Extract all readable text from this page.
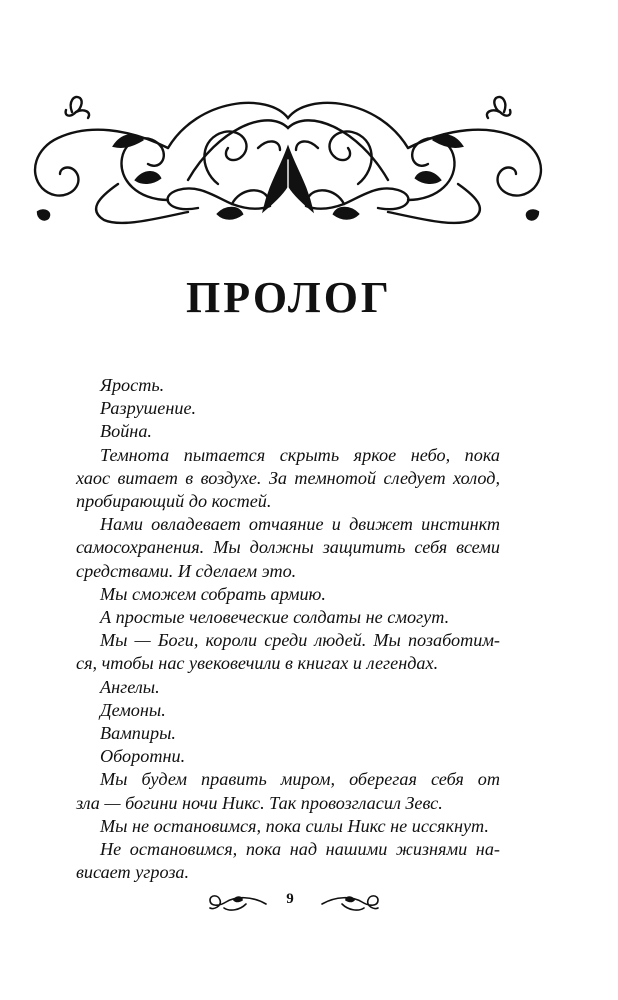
ПРОЛОГ
Ярость.
Разрушение.
Война.
Темнота пытается скрыть яркое небо, пока
хаос витает в воздухе. За темнотой следует холод,
пробирающий до костей.
Нами овладевает отчаяние и движет инстинкт
самосохранения. Мы должны защитить себя всеми
средствами. И сделаем это.
Мы сможем собрать армию.
А простые человеческие солдаты не смогут.
Мы — Боги, короли среди людей. Мы позаботим-
ся, чтобы нас увековечили в книгах и легендах.
Ангелы.
Демоны.
Вампиры.
Оборотни.
Мы будем править миром, оберегая себя от
зла — богини ночи Никс. Так провозгласил Зевс.
Мы не остановимся, пока силы Никс не иссякнут.
Не остановимся, пока над нашими жизнями на-
висает угроза.
9
